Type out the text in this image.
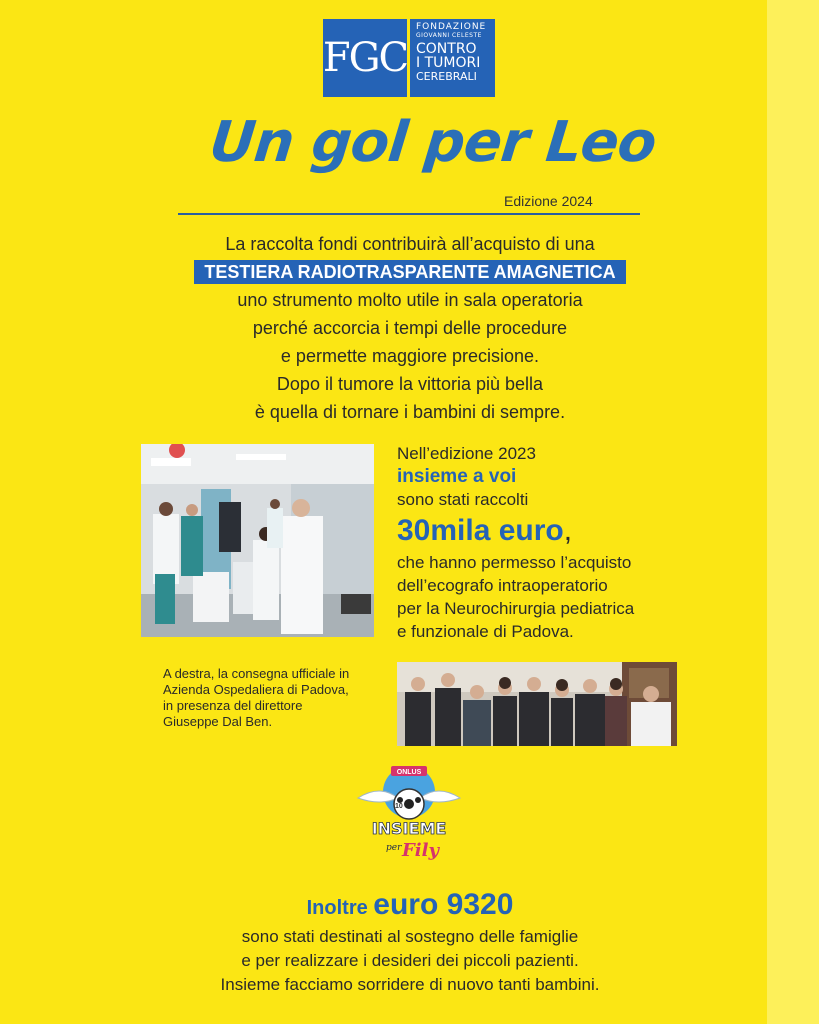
FGC
FONDAZIONE
GIOVANNI CELESTE
CONTRO
I TUMORI
CEREBRALI
Un gol per Leo
Edizione 2024
La raccolta fondi contribuirà all’acquisto di una
TESTIERA RADIOTRASPARENTE AMAGNETICA
uno strumento molto utile in sala operatoria
perché accorcia i tempi delle procedure
e permette maggiore precisione.
Dopo il tumore la vittoria più bella
è quella di tornare i bambini di sempre.
Nell’edizione 2023
insieme a voi
sono stati raccolti
30mila euro,
che hanno permesso l’acquisto
dell’ecografo intraoperatorio
per la Neurochirurgia pediatrica
e funzionale di Padova.
A destra, la consegna ufficiale in
Azienda Ospedaliera di Padova,
in presenza del direttore
Giuseppe Dal Ben.
ONLUS
10
INSIEME
per Fily
Inoltre euro 9320
sono stati destinati al sostegno delle famiglie
e per realizzare i desideri dei piccoli pazienti.
Insieme facciamo sorridere di nuovo tanti bambini.
